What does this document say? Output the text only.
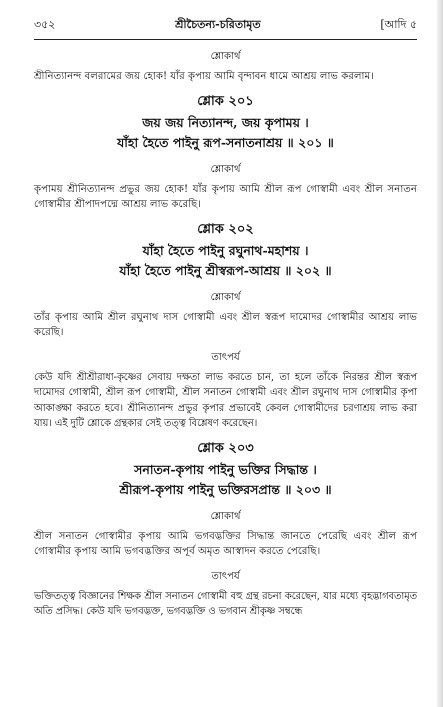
৩৫২	শ্রীচৈতন্য-চরিতামৃত	[আদি ৫
শ্লোকার্থ
শ্রীনিত্যানন্দ বলরামের জয় হোক! যাঁর কৃপায় আমি বৃন্দাবন ধামে আশ্রয় লাভ করলাম।
শ্লোক ২০১
জয় জয় নিত্যানন্দ, জয় কৃপাময় ।
যাঁহা হৈতে পাইনু রূপ-সনাতনাশ্রয় ॥ ২০১ ॥
শ্লোকার্থ
কৃপাময় শ্রীনিত্যানন্দ প্রভুর জয় হোক! যাঁর কৃপায় আমি শ্রীল রূপ গোস্বামী এবং শ্রীল সনাতন গোস্বামীর শ্রীপাদপদ্মে আশ্রয় লাভ করেছি।
শ্লোক ২০২
যাঁহা হৈতে পাইনু রঘুনাথ-মহাশয় ।
যাঁহা হৈতে পাইনু শ্রীস্বরূপ-আশ্রয় ॥ ২০২ ॥
শ্লোকার্থ
তাঁর কৃপায় আমি শ্রীল রঘুনাথ দাস গোস্বামী এবং শ্রীল স্বরূপ দামোদর গোস্বামীর আশ্রয় লাভ করেছি।
তাৎপর্য
কেউ যদি শ্রীশ্রীরাধা-কৃষ্ণের সেবায় দক্ষতা লাভ করতে চান, তা হলে তাঁকে নিরন্তর শ্রীল স্বরূপ দামোদর গোস্বামী, শ্রীল রূপ গোস্বামী, শ্রীল সনাতন গোস্বামী এবং শ্রীল রঘুনাথ দাস গোস্বামীর কৃপা আকাঙ্ক্ষা করতে হবে। শ্রীনিত্যানন্দ প্রভুর কৃপার প্রভাবেই কেবল গোস্বামীদের চরণাশ্রয় লাভ করা যায়। এই দুটি শ্লোকে গ্রন্থকার সেই তত্ত্ব বিশ্লেষণ করেছেন।
শ্লোক ২০৩
সনাতন-কৃপায় পাইনু ভক্তির সিদ্ধান্ত ।
শ্রীরূপ-কৃপায় পাইনু ভক্তিরসপ্রান্ত ॥ ২০৩ ॥
শ্লোকার্থ
শ্রীল সনাতন গোস্বামীর কৃপায় আমি ভগবদ্ভক্তির সিদ্ধান্ত জানতে পেরেছি এবং শ্রীল রূপ গোস্বামীর কৃপায় আমি ভগবদ্ভক্তির অপূর্ব অমৃত আস্বাদন করতে পেরেছি।
তাৎপর্য
ভক্তিতত্ত্ব বিজ্ঞানের শিক্ষক শ্রীল সনাতন গোস্বামী বহু গ্রন্থ রচনা করেছেন, যার মধ্যে বৃহদ্ভাগবতামৃত অতি প্রসিদ্ধ। কেউ যদি ভগবদ্ভক্ত, ভগবদ্ভক্তি ও ভগবান শ্রীকৃষ্ণ সম্বন্ধে
